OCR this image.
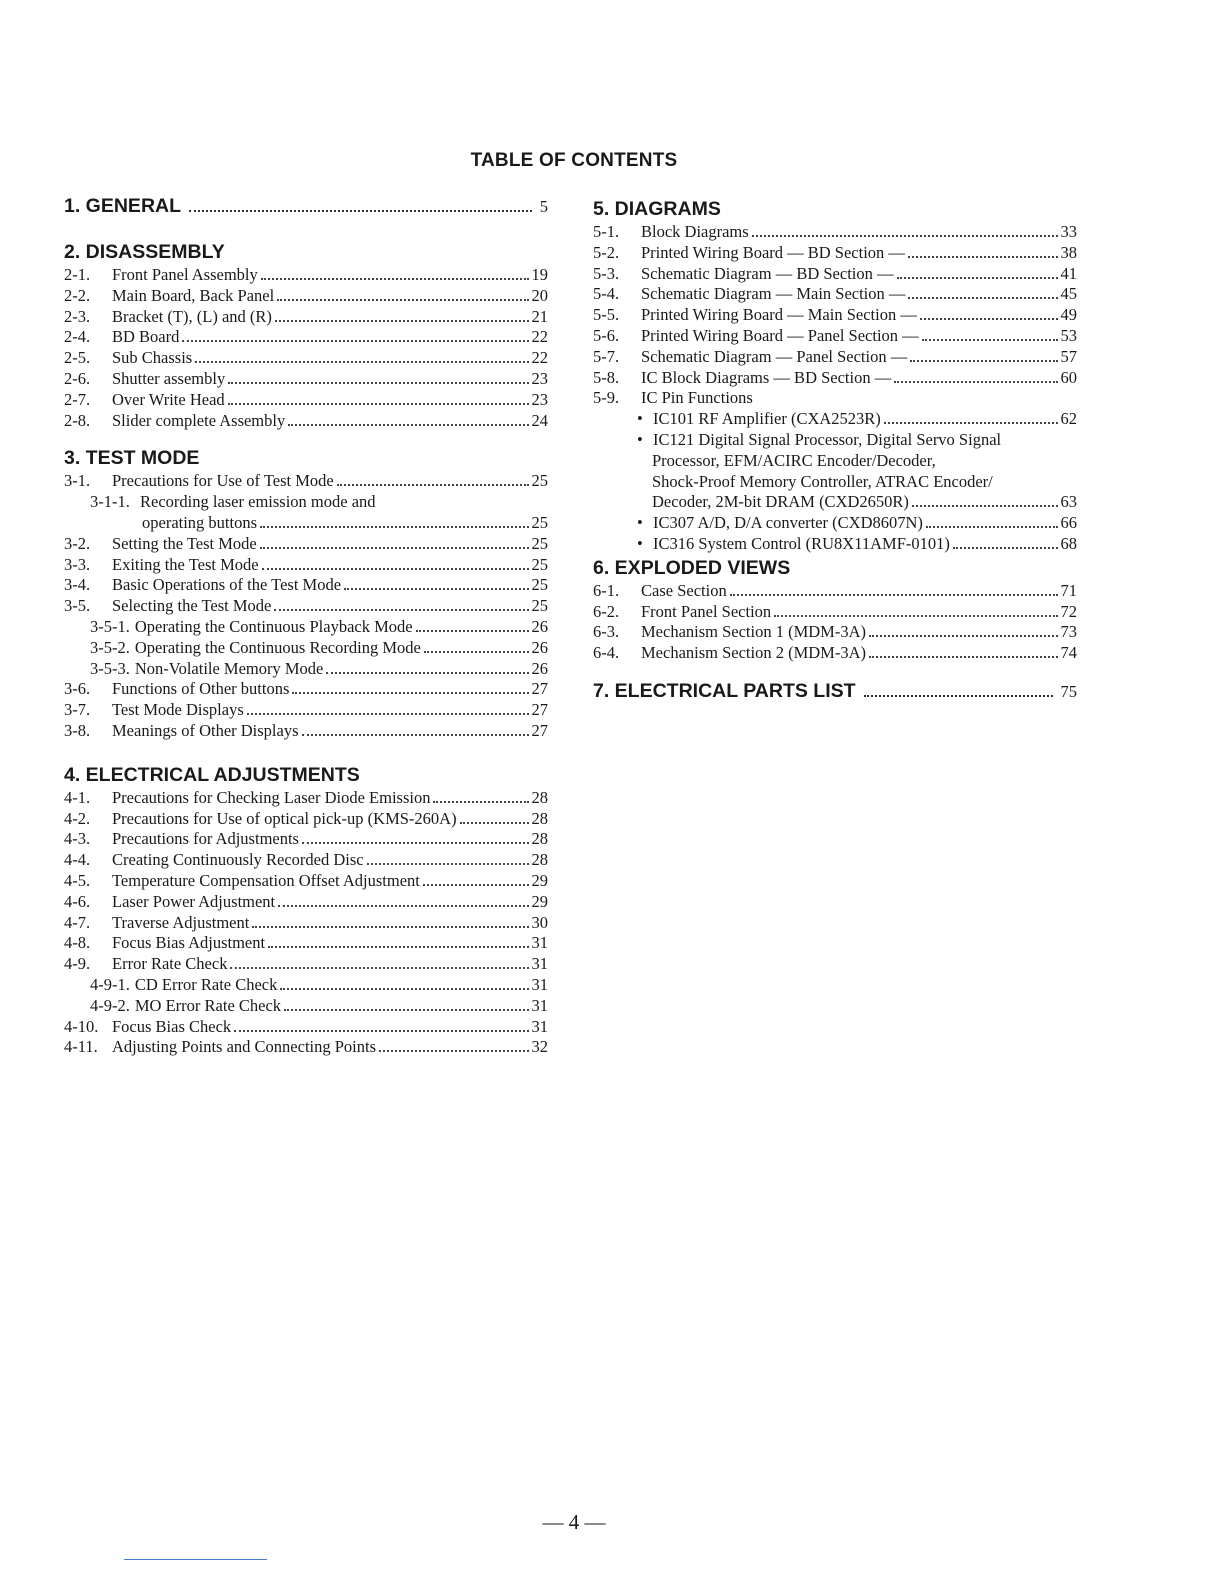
TABLE OF CONTENTS
1. GENERAL	5
2. DISASSEMBLY
2-1.	Front Panel Assembly	19
2-2.	Main Board, Back Panel	20
2-3.	Bracket (T), (L) and (R)	21
2-4.	BD Board	22
2-5.	Sub Chassis	22
2-6.	Shutter assembly	23
2-7.	Over Write Head	23
2-8.	Slider complete Assembly	24
3. TEST MODE
3-1.	Precautions for Use of Test Mode	25
3-1-1. Recording laser emission mode and
operating buttons	25
3-2.	Setting the Test Mode	25
3-3.	Exiting the Test Mode	25
3-4.	Basic Operations of the Test Mode	25
3-5.	Selecting the Test Mode	25
3-5-1. Operating the Continuous Playback Mode	26
3-5-2. Operating the Continuous Recording Mode	26
3-5-3. Non-Volatile Memory Mode	26
3-6.	Functions of Other buttons	27
3-7.	Test Mode Displays	27
3-8.	Meanings of Other Displays	27
4. ELECTRICAL ADJUSTMENTS
4-1.	Precautions for Checking Laser Diode Emission	28
4-2.	Precautions for Use of optical pick-up (KMS-260A)	28
4-3.	Precautions for Adjustments	28
4-4.	Creating Continuously Recorded Disc	28
4-5.	Temperature Compensation Offset Adjustment	29
4-6.	Laser Power Adjustment	29
4-7.	Traverse Adjustment	30
4-8.	Focus Bias Adjustment	31
4-9.	Error Rate Check	31
4-9-1. CD Error Rate Check	31
4-9-2. MO Error Rate Check	31
4-10. Focus Bias Check	31
4-11. Adjusting Points and Connecting Points	32
5. DIAGRAMS
5-1.	Block Diagrams	33
5-2.	Printed Wiring Board — BD Section —	38
5-3.	Schematic Diagram — BD Section —	41
5-4.	Schematic Diagram — Main Section —	45
5-5.	Printed Wiring Board — Main Section —	49
5-6.	Printed Wiring Board — Panel Section —	53
5-7.	Schematic Diagram — Panel Section —	57
5-8.	IC Block Diagrams — BD Section —	60
5-9.	IC Pin Functions
• IC101 RF Amplifier (CXA2523R)	62
• IC121 Digital Signal Processor, Digital Servo Signal
Processor, EFM/ACIRC Encoder/Decoder,
Shock-Proof Memory Controller, ATRAC Encoder/
Decoder, 2M-bit DRAM (CXD2650R)	63
• IC307 A/D, D/A converter (CXD8607N)	66
• IC316 System Control (RU8X11AMF-0101)	68
6. EXPLODED VIEWS
6-1.	Case Section	71
6-2.	Front Panel Section	72
6-3.	Mechanism Section 1 (MDM-3A)	73
6-4.	Mechanism Section 2 (MDM-3A)	74
7. ELECTRICAL PARTS LIST	75
— 4 —
